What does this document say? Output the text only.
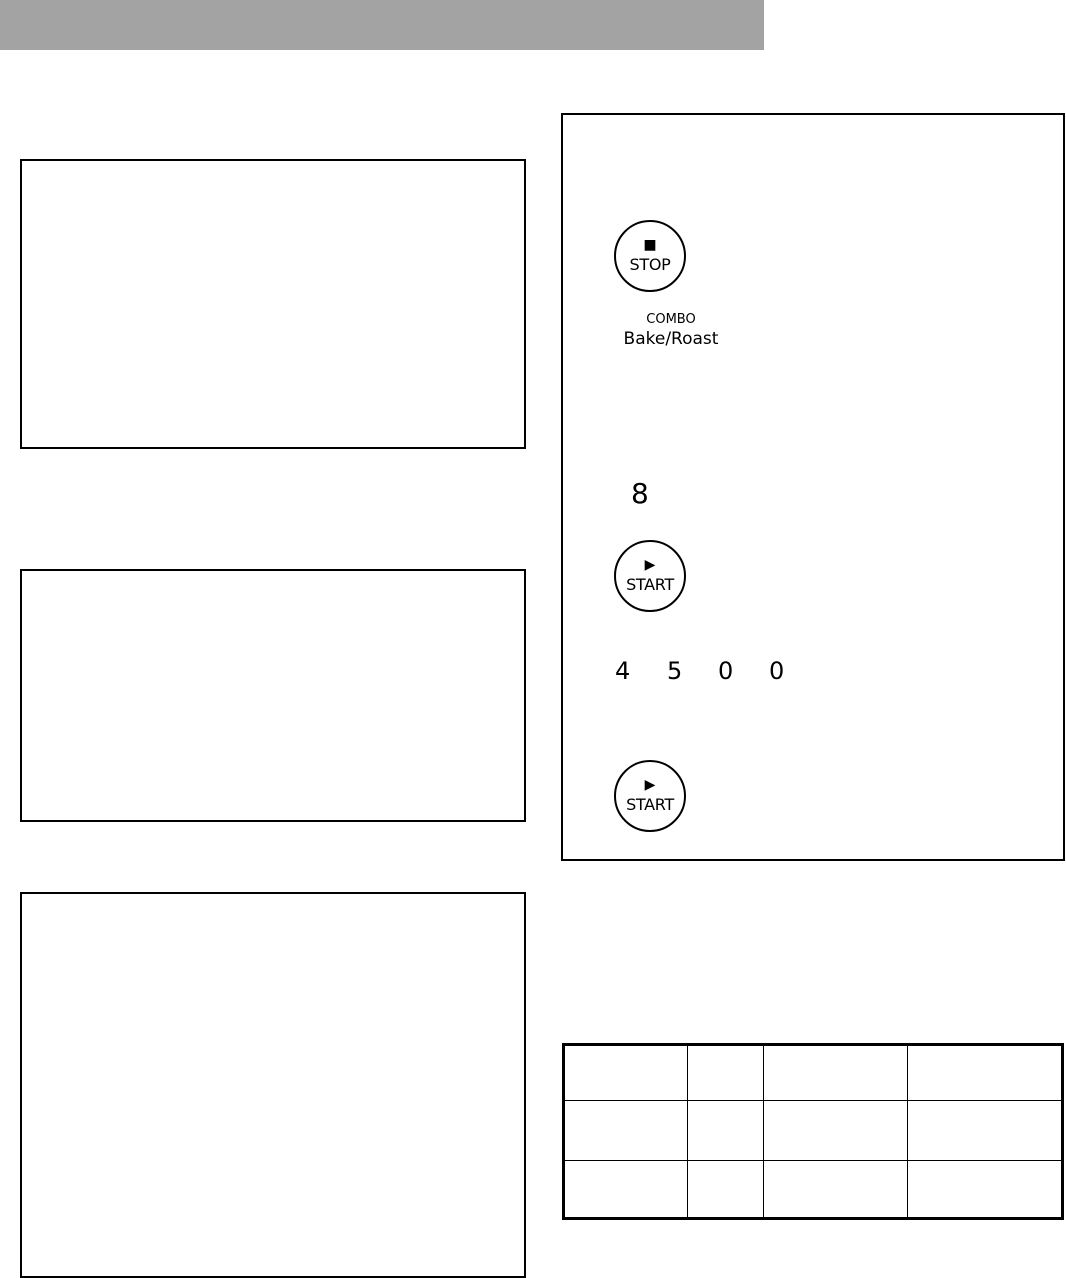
■
STOP
COMBO
Bake/Roast
8
▶
START
4 5 0 0
▶
START
